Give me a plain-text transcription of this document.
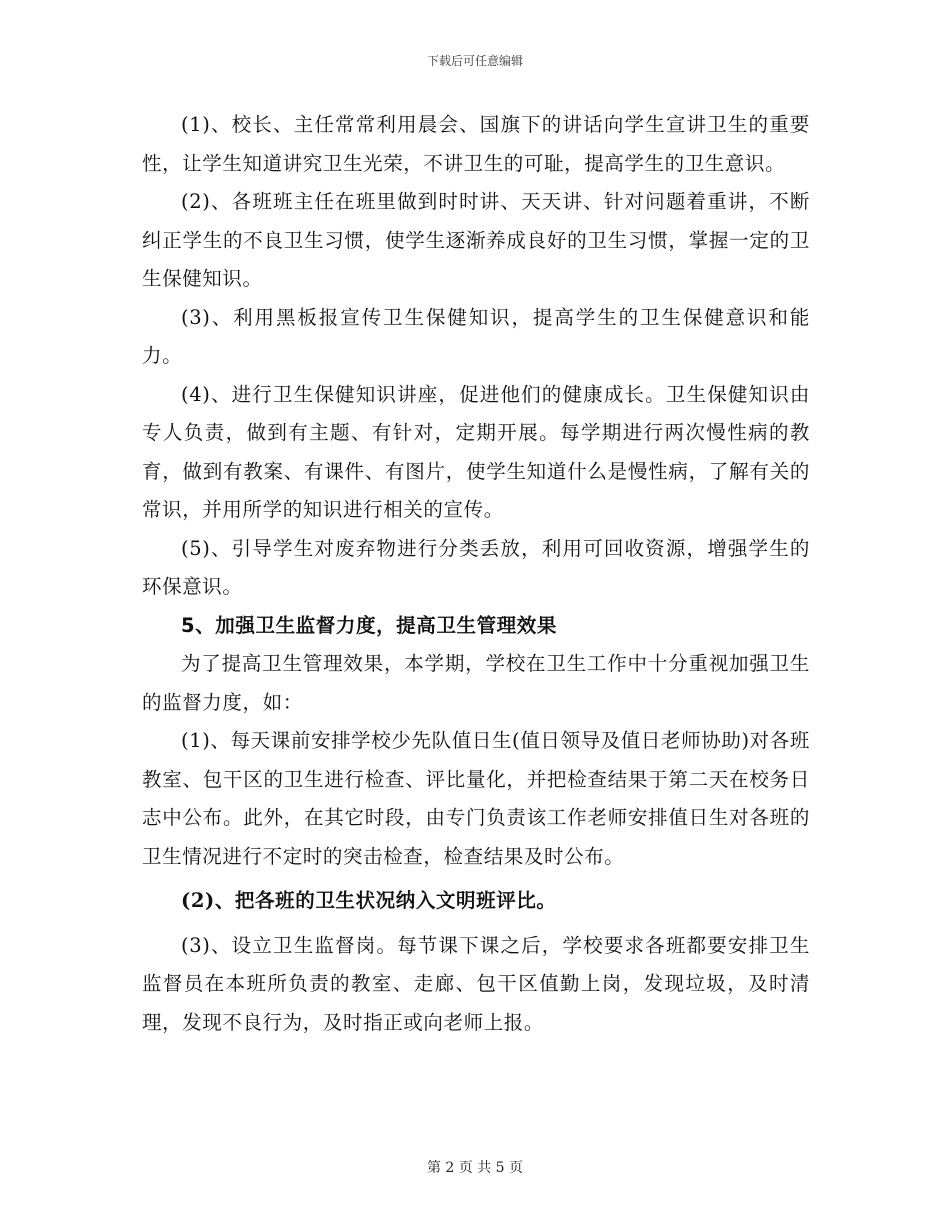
下载后可任意编辑

(1)、校长、主任常常利用晨会、国旗下的讲话向学生宣讲卫生的重要性，让学生知道讲究卫生光荣，不讲卫生的可耻，提高学生的卫生意识。

(2)、各班班主任在班里做到时时讲、天天讲、针对问题着重讲，不断纠正学生的不良卫生习惯，使学生逐渐养成良好的卫生习惯，掌握一定的卫生保健知识。

(3)、利用黑板报宣传卫生保健知识，提高学生的卫生保健意识和能力。

(4)、进行卫生保健知识讲座，促进他们的健康成长。卫生保健知识由专人负责，做到有主题、有针对，定期开展。每学期进行两次慢性病的教育，做到有教案、有课件、有图片，使学生知道什么是慢性病，了解有关的常识，并用所学的知识进行相关的宣传。

(5)、引导学生对废弃物进行分类丢放，利用可回收资源，增强学生的环保意识。

5、加强卫生监督力度，提高卫生管理效果

为了提高卫生管理效果，本学期，学校在卫生工作中十分重视加强卫生的监督力度，如：

(1)、每天课前安排学校少先队值日生(值日领导及值日老师协助)对各班教室、包干区的卫生进行检查、评比量化，并把检查结果于第二天在校务日志中公布。此外，在其它时段，由专门负责该工作老师安排值日生对各班的卫生情况进行不定时的突击检查，检查结果及时公布。

(2)、把各班的卫生状况纳入文明班评比。

(3)、设立卫生监督岗。每节课下课之后，学校要求各班都要安排卫生监督员在本班所负责的教室、走廊、包干区值勤上岗，发现垃圾，及时清理，发现不良行为，及时指正或向老师上报。

第 2 页 共 5 页
